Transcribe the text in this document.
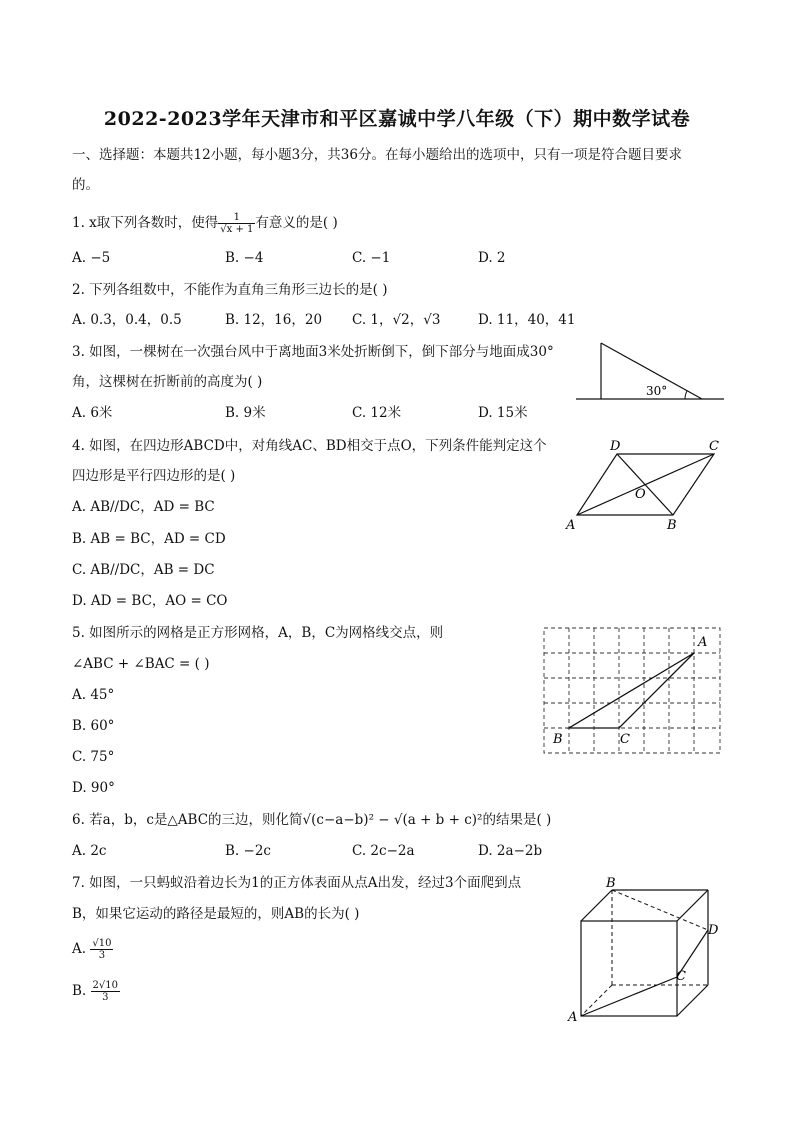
2022-2023学年天津市和平区嘉诚中学八年级（下）期中数学试卷
一、选择题：本题共12小题，每小题3分，共36分。在每小题给出的选项中，只有一项是符合题目要求
的。
1. x取下列各数时，使得 $\frac{1}{√x + 1}$ 有意义的是( )
A. −5	B. −4	C. −1	D. 2
2. 下列各组数中，不能作为直角三角形三边长的是( )
A. 0.3，0.4，0.5	B. 12，16，20 C. 1，√2，√3	D. 11，40，41
3. 如图，一棵树在一次强台风中于离地面3米处折断倒下，倒下部分与地面成30°
角，这棵树在折断前的高度为( )
A. 6米	B. 9米	C. 12米	D. 15米
30°
4. 如图，在四边形ABCD中，对角线AC、BD相交于点O，下列条件能判定这个
四边形是平行四边形的是( )
A. AB//DC，AD = BC
B. AB = BC，AD = CD
C. AB//DC，AB = DC
D. AD = BC，AO = CO
D	C
O
A	B
5. 如图所示的网格是正方形网格，A，B，C为网格线交点，则
∠ABC + ∠BAC = ( )
A. 45°
B. 60°
C. 75°
D. 90°
A
B	C
6. 若a，b，c是△ABC的三边，则化简√(c−a−b)² − √(a + b + c)²的结果是( )
A. 2c	B. −2c	C. 2c−2a	D. 2a−2b
7. 如图，一只蚂蚁沿着边长为1的正方体表面从点A出发，经过3个面爬到点
B，如果它运动的路径是最短的，则AB的长为( )
A. $\frac{√10}{3}$
B. $\frac{2√10}{3}$
B
D
C
A
